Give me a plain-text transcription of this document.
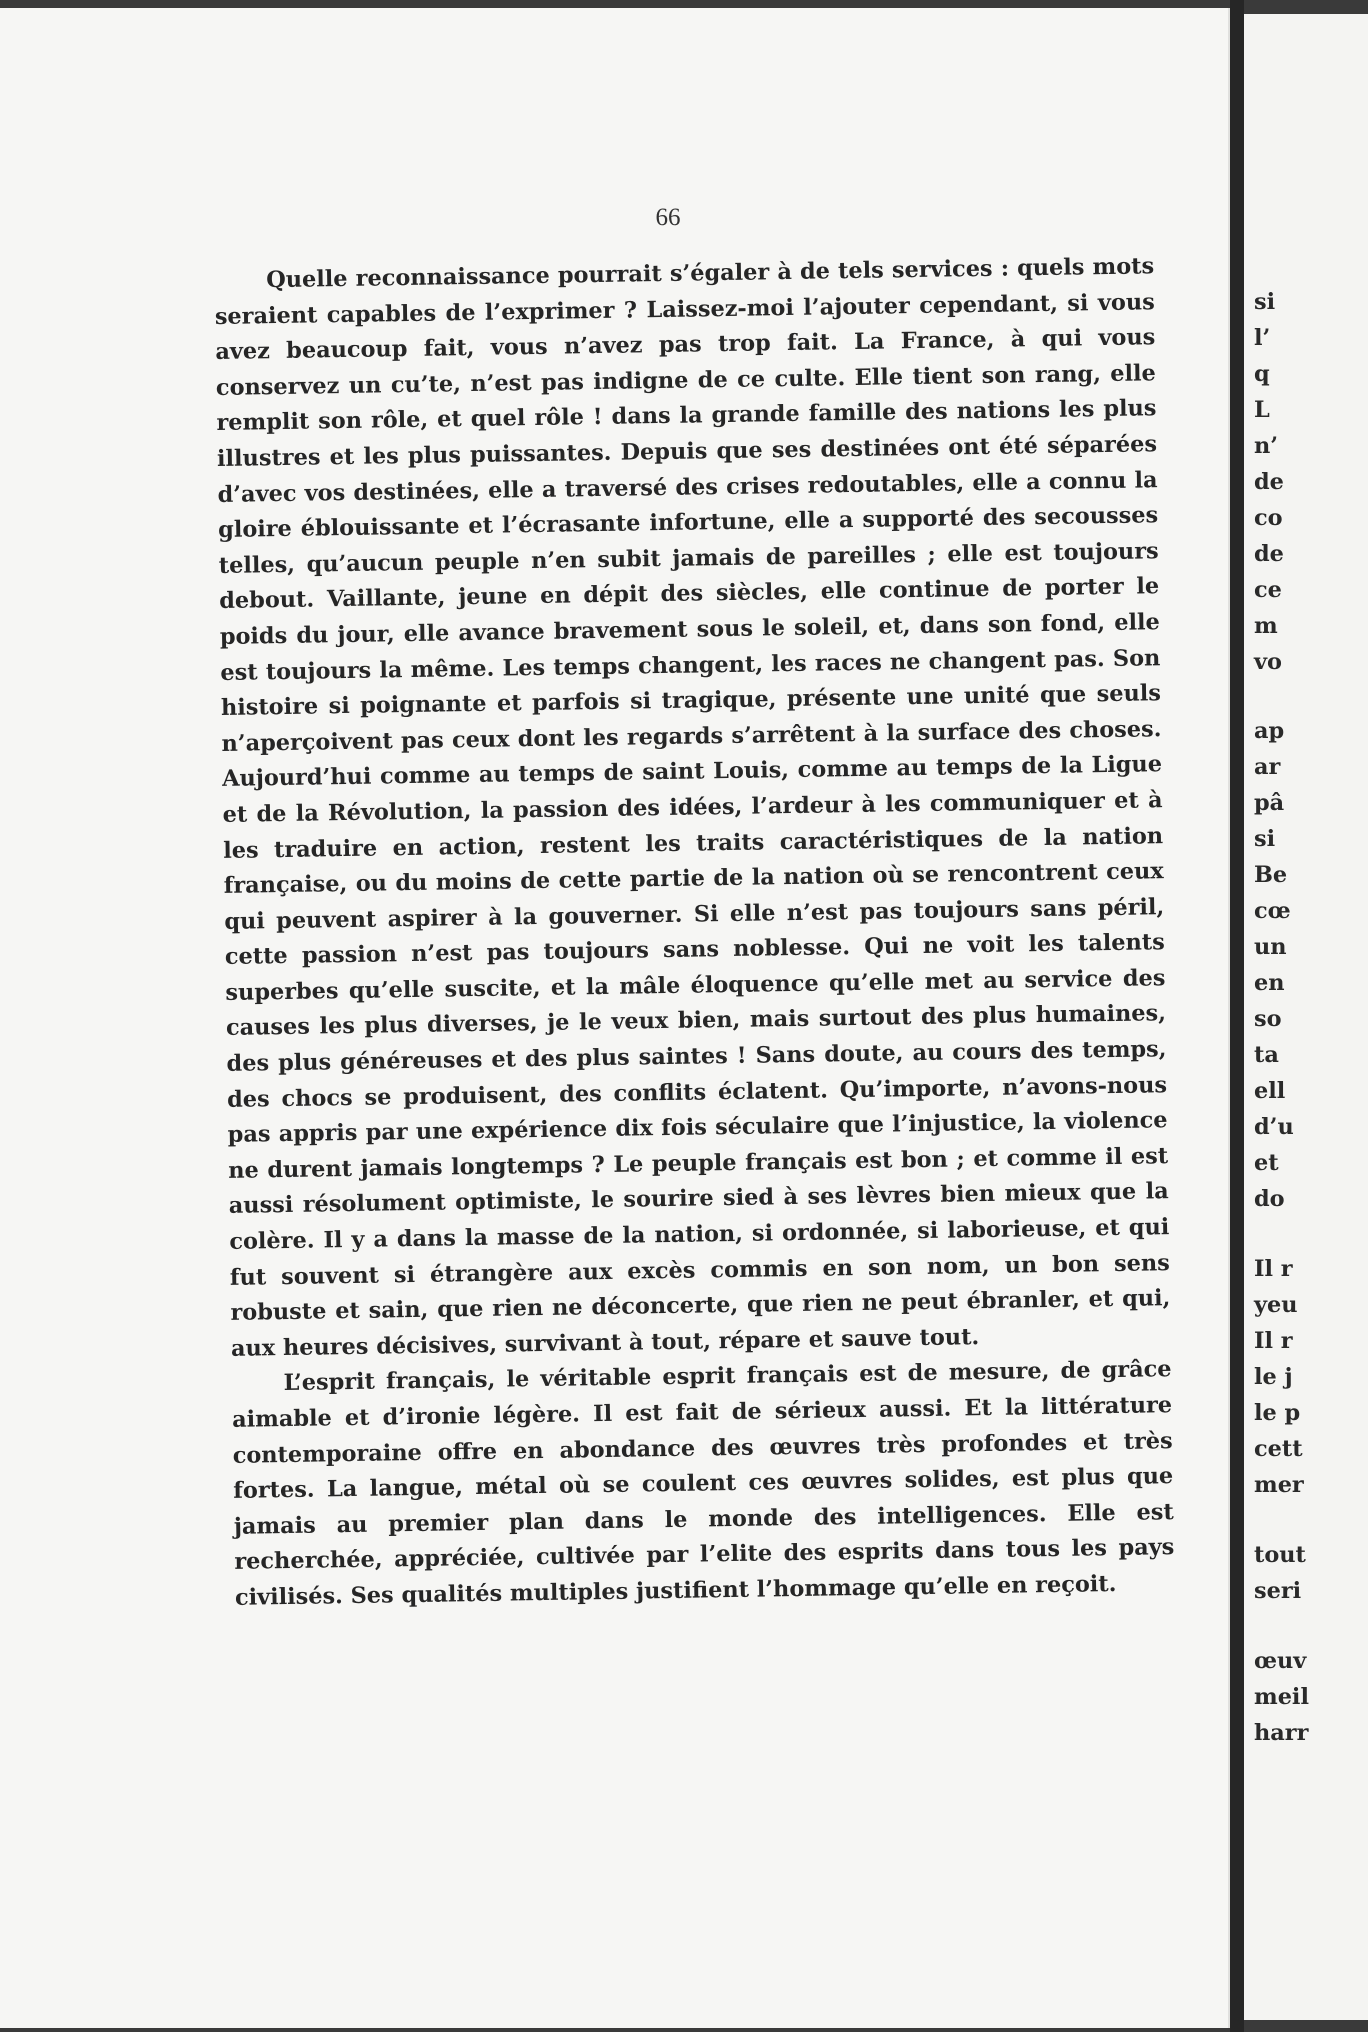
66

Quelle reconnaissance pourrait s’égaler à de tels services : quels mots seraient capables de l’exprimer ? Laissez-moi l’ajouter cependant, si vous avez beaucoup fait, vous n’avez pas trop fait. La France, à qui vous conservez un cu’te, n’est pas indigne de ce culte. Elle tient son rang, elle remplit son rôle, et quel rôle ! dans la grande famille des nations les plus illustres et les plus puissantes. Depuis que ses destinées ont été séparées d’avec vos destinées, elle a traversé des crises redoutables, elle a connu la gloire éblouissante et l’écrasante infortune, elle a supporté des secousses telles, qu’aucun peuple n’en subit jamais de pareilles ; elle est toujours debout. Vaillante, jeune en dépit des siècles, elle continue de porter le poids du jour, elle avance bravement sous le soleil, et, dans son fond, elle est toujours la même. Les temps changent, les races ne changent pas. Son histoire si poignante et parfois si tragique, présente une unité que seuls n’aperçoivent pas ceux dont les regards s’arrêtent à la surface des choses. Aujourd’hui comme au temps de saint Louis, comme au temps de la Ligue et de la Révolution, la passion des idées, l’ardeur à les communiquer et à les traduire en action, restent les traits caractéristiques de la nation française, ou du moins de cette partie de la nation où se rencontrent ceux qui peuvent aspirer à la gouverner. Si elle n’est pas toujours sans péril, cette passion n’est pas toujours sans noblesse. Qui ne voit les talents superbes qu’elle suscite, et la mâle éloquence qu’elle met au service des causes les plus diverses, je le veux bien, mais surtout des plus humaines, des plus généreuses et des plus saintes ! Sans doute, au cours des temps, des chocs se produisent, des conflits éclatent. Qu’importe, n’avons-nous pas appris par une expérience dix fois séculaire que l’injustice, la violence ne durent jamais longtemps ? Le peuple français est bon ; et comme il est aussi résolument optimiste, le sourire sied à ses lèvres bien mieux que la colère. Il y a dans la masse de la nation, si ordonnée, si laborieuse, et qui fut souvent si étrangère aux excès commis en son nom, un bon sens robuste et sain, que rien ne déconcerte, que rien ne peut ébranler, et qui, aux heures décisives, survivant à tout, répare et sauve tout.

L’esprit français, le véritable esprit français est de mesure, de grâce aimable et d’ironie légère. Il est fait de sérieux aussi. Et la littérature contemporaine offre en abondance des œuvres très profondes et très fortes. La langue, métal où se coulent ces œuvres solides, est plus que jamais au premier plan dans le monde des intelligences. Elle est recherchée, appréciée, cultivée par l’elite des esprits dans tous les pays civilisés. Ses qualités multiples justifient l’hommage qu’elle en reçoit.

si
l’
q
L
n’
de
co
de
ce
m
vo
ap
ar
pâ
si
Be
cœ
un
en
so
ta
ell
d’u
et
do
Il r
yeu
Il r
le j
le p
cett
mer
tout
seri
œuv
meil
harr
